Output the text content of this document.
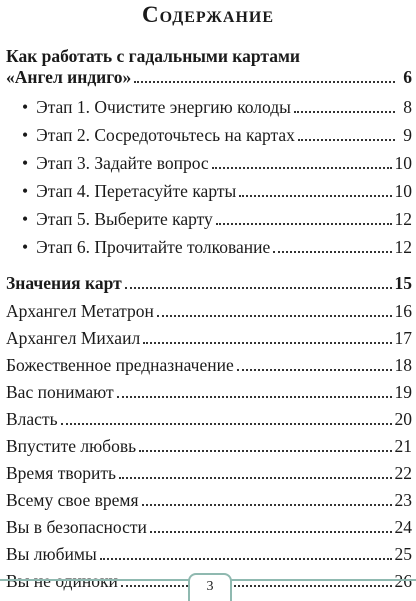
Содержание
Как работать с гадальными картами
«Ангел индиго»	6
• Этап 1. Очистите энергию колоды	8
• Этап 2. Сосредоточьтесь на картах	9
• Этап 3. Задайте вопрос	10
• Этап 4. Перетасуйте карты	10
• Этап 5. Выберите карту	12
• Этап 6. Прочитайте толкование	12
Значения карт	15
Архангел Метатрон	16
Архангел Михаил	17
Божественное предназначение	18
Вас понимают	19
Власть	20
Впустите любовь	21
Время творить	22
Всему свое время	23
Вы в безопасности	24
Вы любимы	25
Вы не одиноки	26
3
